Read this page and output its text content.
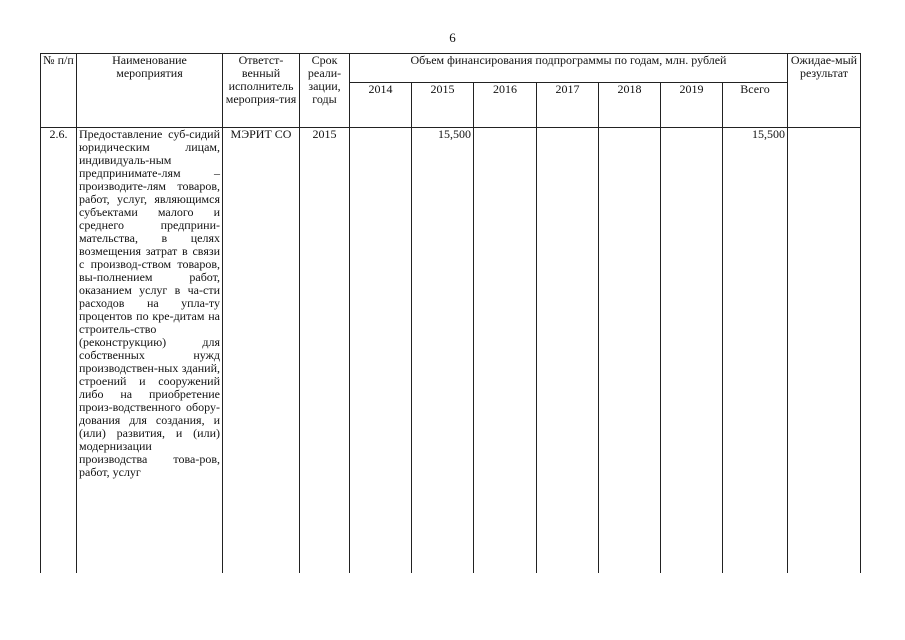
6
№ п/п	Наименование мероприятия	Ответст-венный исполнитель мероприя-тия	Срок реали-зации, годы	Объем финансирования подпрограммы по годам, млн. рублей							Ожидае-мый результат
				2014	2015	2016	2017	2018	2019	Всего	
2.6.	Предоставление суб-сидий юридическим лицам, индивидуаль-ным предпринимате-лям – производите-лям товаров, работ, услуг, являющимся субъектами малого и среднего предприни-мательства, в целях возмещения затрат в связи с производ-ством товаров, вы-полнением работ, оказанием услуг в ча-сти расходов на упла-ту процентов по кре-дитам на строитель-ство (реконструкцию) для собственных нужд производствен-ных зданий, строений и сооружений либо на приобретение произ-водственного обору-дования для создания, и (или) развития, и (или) модернизации производства това-ров, работ, услуг	МЭРИТ СО	2015		15,500					15,500	
